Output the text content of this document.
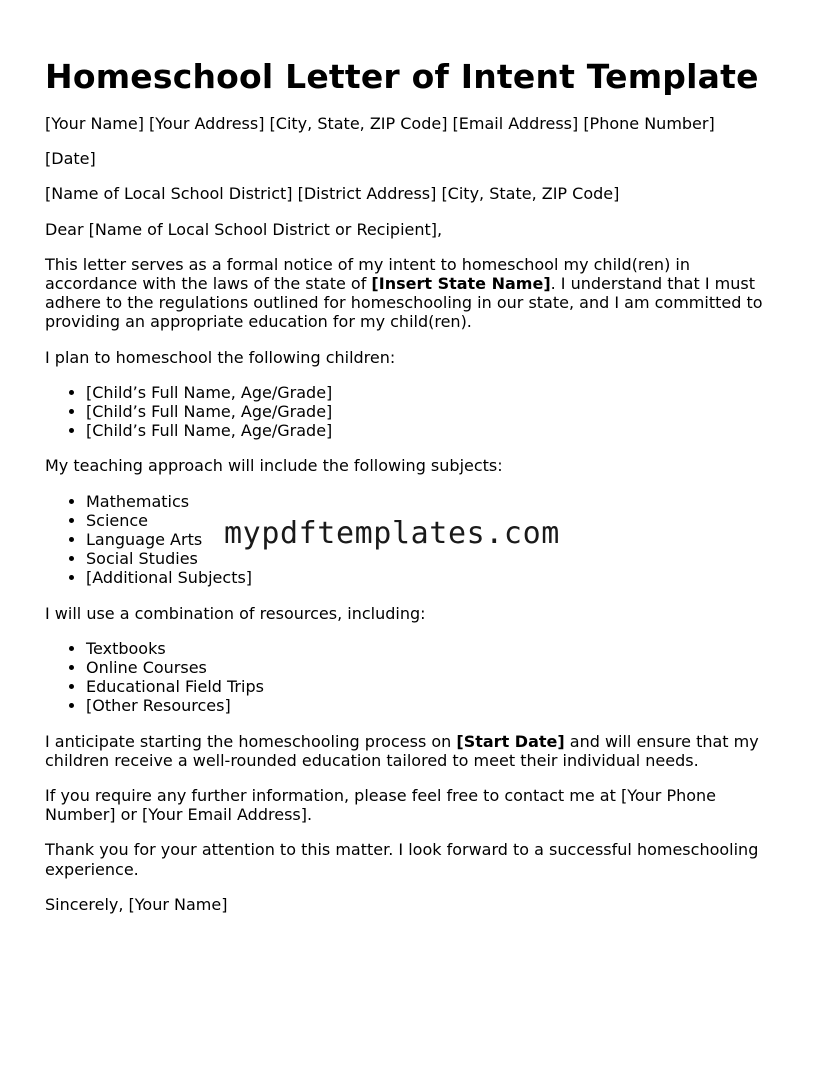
Homeschool Letter of Intent Template

[Your Name] [Your Address] [City, State, ZIP Code] [Email Address] [Phone Number]

[Date]

[Name of Local School District] [District Address] [City, State, ZIP Code]

Dear [Name of Local School District or Recipient],

This letter serves as a formal notice of my intent to homeschool my child(ren) in accordance with the laws of the state of [Insert State Name]. I understand that I must adhere to the regulations outlined for homeschooling in our state, and I am committed to providing an appropriate education for my child(ren).

I plan to homeschool the following children:

• [Child’s Full Name, Age/Grade]
• [Child’s Full Name, Age/Grade]
• [Child’s Full Name, Age/Grade]

My teaching approach will include the following subjects:

• Mathematics
• Science
• Language Arts
• Social Studies
• [Additional Subjects]

I will use a combination of resources, including:

• Textbooks
• Online Courses
• Educational Field Trips
• [Other Resources]

I anticipate starting the homeschooling process on [Start Date] and will ensure that my children receive a well-rounded education tailored to meet their individual needs.

If you require any further information, please feel free to contact me at [Your Phone Number] or [Your Email Address].

Thank you for your attention to this matter. I look forward to a successful homeschooling experience.

Sincerely, [Your Name]

mypdftemplates.com
